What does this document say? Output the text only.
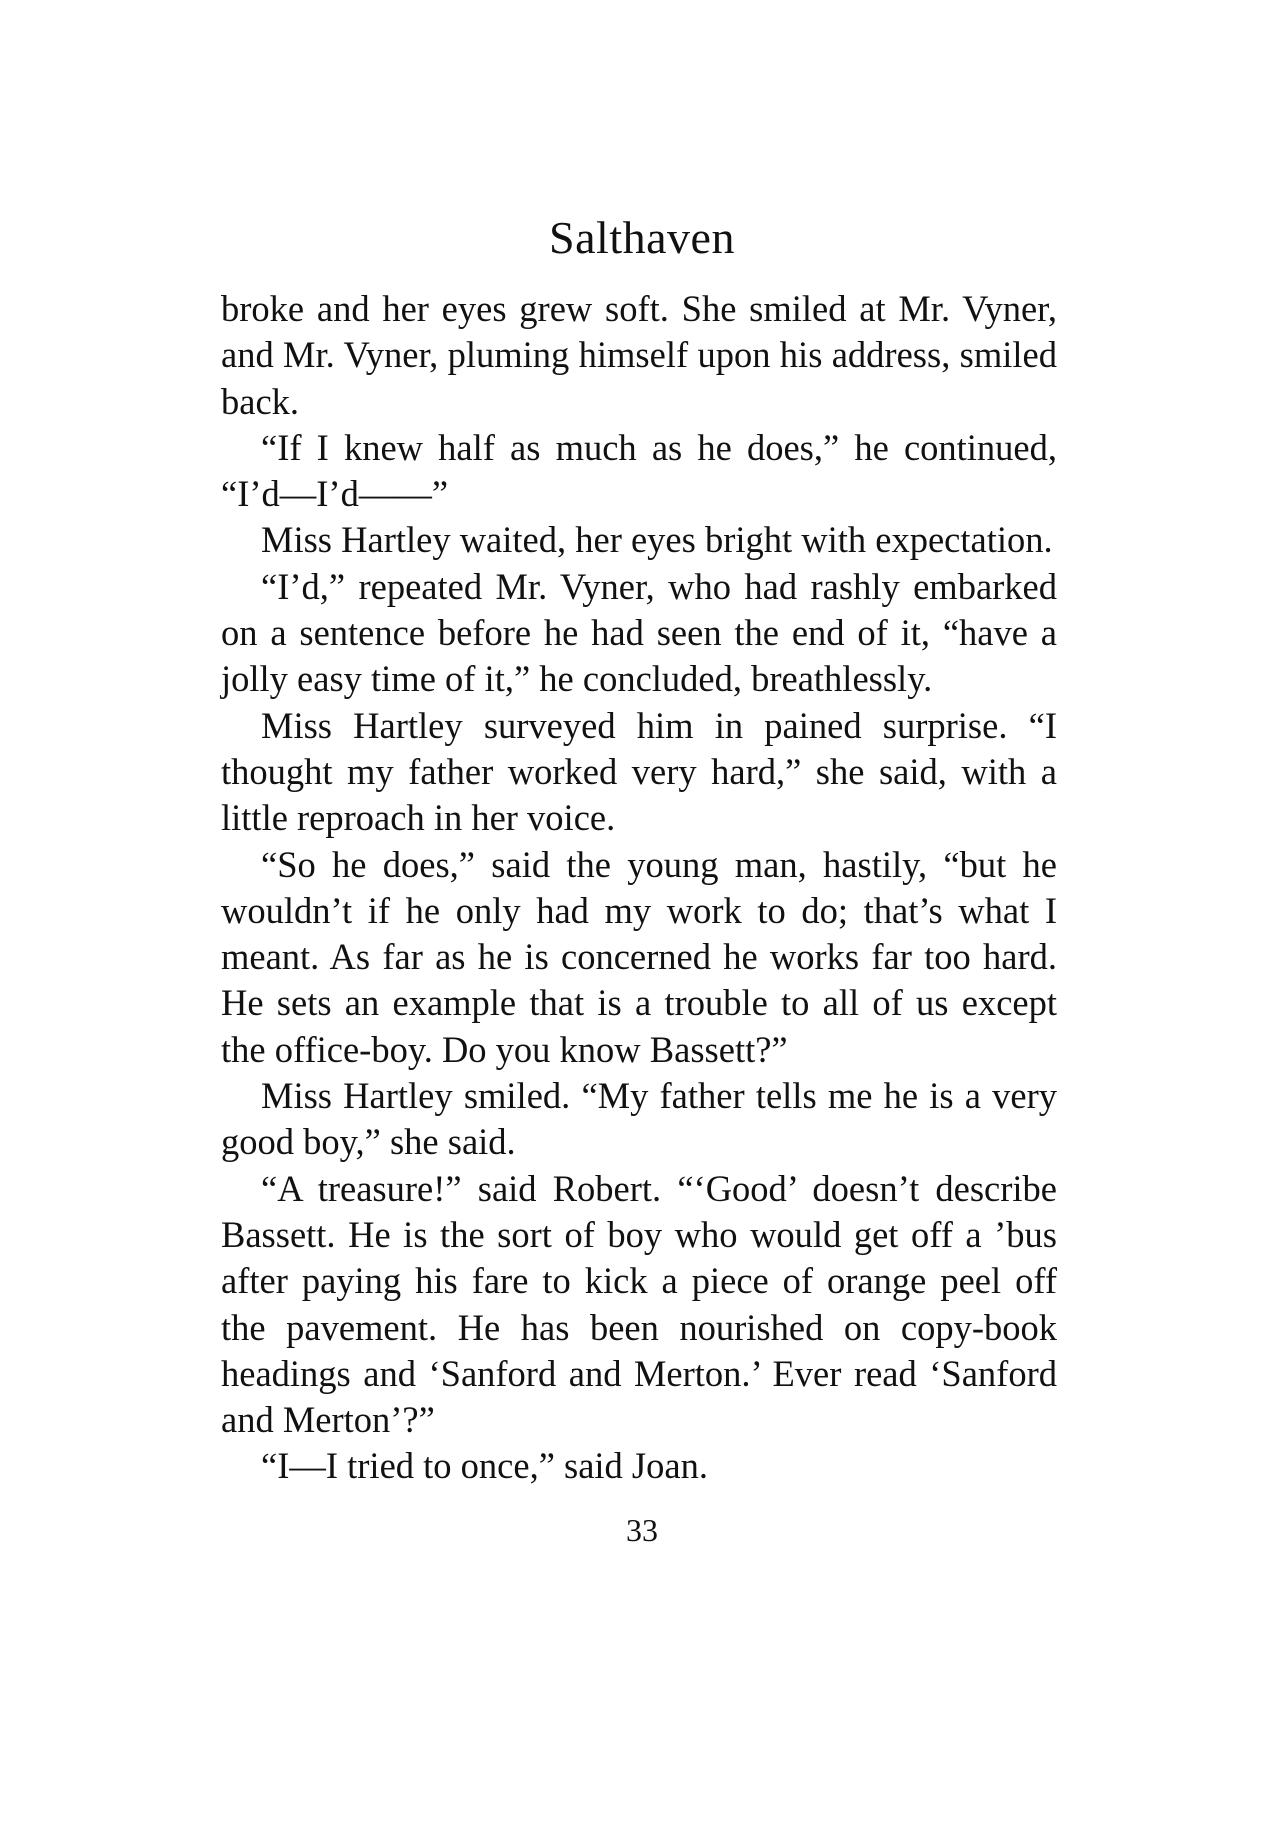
Salthaven

broke and her eyes grew soft. She smiled at Mr. Vyner, and Mr. Vyner, pluming himself upon his address, smiled back.

“If I knew half as much as he does,” he continued, “I’d—I’d——”

Miss Hartley waited, her eyes bright with expectation.

“I’d,” repeated Mr. Vyner, who had rashly embarked on a sentence before he had seen the end of it, “have a jolly easy time of it,” he concluded, breathlessly.

Miss Hartley surveyed him in pained surprise. “I thought my father worked very hard,” she said, with a little reproach in her voice.

“So he does,” said the young man, hastily, “but he wouldn’t if he only had my work to do; that’s what I meant. As far as he is concerned he works far too hard. He sets an example that is a trouble to all of us except the office-boy. Do you know Bassett?”

Miss Hartley smiled. “My father tells me he is a very good boy,” she said.

“A treasure!” said Robert. “‘Good’ doesn’t describe Bassett. He is the sort of boy who would get off a ’bus after paying his fare to kick a piece of orange peel off the pavement. He has been nourished on copy-book headings and ‘Sanford and Merton.’ Ever read ‘Sanford and Merton’?”

“I—I tried to once,” said Joan.

33
